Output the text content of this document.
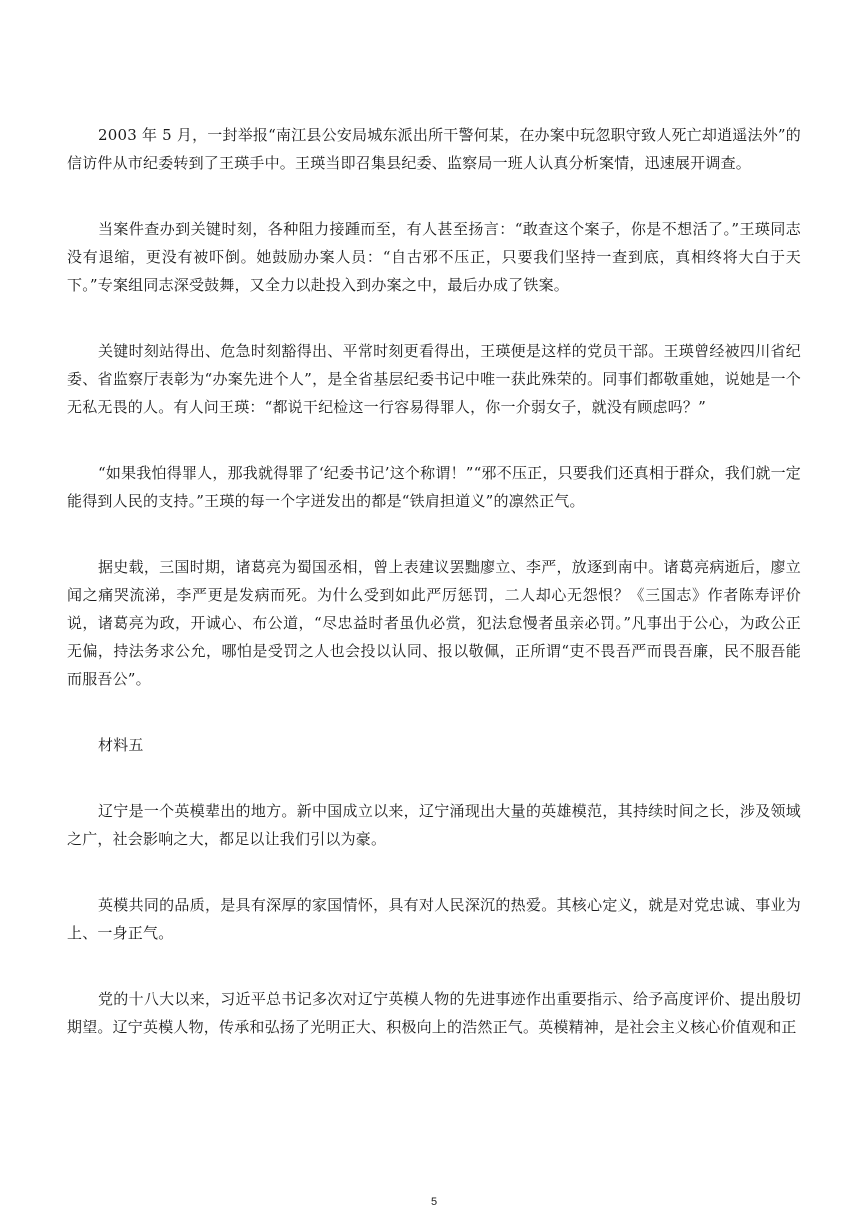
2003 年 5 月，一封举报“南江县公安局城东派出所干警何某，在办案中玩忽职守致人死亡却逍遥法外”的信访件从市纪委转到了王瑛手中。王瑛当即召集县纪委、监察局一班人认真分析案情，迅速展开调查。

当案件查办到关键时刻，各种阻力接踵而至，有人甚至扬言：“敢查这个案子，你是不想活了。”王瑛同志没有退缩，更没有被吓倒。她鼓励办案人员：“自古邪不压正，只要我们坚持一查到底，真相终将大白于天下。”专案组同志深受鼓舞，又全力以赴投入到办案之中，最后办成了铁案。

关键时刻站得出、危急时刻豁得出、平常时刻更看得出，王瑛便是这样的党员干部。王瑛曾经被四川省纪委、省监察厅表彰为“办案先进个人”，是全省基层纪委书记中唯一获此殊荣的。同事们都敬重她，说她是一个无私无畏的人。有人问王瑛：“都说干纪检这一行容易得罪人，你一介弱女子，就没有顾虑吗？”

“如果我怕得罪人，那我就得罪了‘纪委书记’这个称谓！”“邪不压正，只要我们还真相于群众，我们就一定能得到人民的支持。”王瑛的每一个字迸发出的都是“铁肩担道义”的凛然正气。

据史载，三国时期，诸葛亮为蜀国丞相，曾上表建议罢黜廖立、李严，放逐到南中。诸葛亮病逝后，廖立闻之痛哭流涕，李严更是发病而死。为什么受到如此严厉惩罚，二人却心无怨恨？《三国志》作者陈寿评价说，诸葛亮为政，开诚心、布公道，“尽忠益时者虽仇必赏，犯法怠慢者虽亲必罚。”凡事出于公心，为政公正无偏，持法务求公允，哪怕是受罚之人也会投以认同、报以敬佩，正所谓“吏不畏吾严而畏吾廉，民不服吾能而服吾公”。

材料五

辽宁是一个英模辈出的地方。新中国成立以来，辽宁涌现出大量的英雄模范，其持续时间之长，涉及领域之广，社会影响之大，都足以让我们引以为豪。

英模共同的品质，是具有深厚的家国情怀，具有对人民深沉的热爱。其核心定义，就是对党忠诚、事业为上、一身正气。

党的十八大以来，习近平总书记多次对辽宁英模人物的先进事迹作出重要指示、给予高度评价、提出殷切期望。辽宁英模人物，传承和弘扬了光明正大、积极向上的浩然正气。英模精神，是社会主义核心价值观和正

5
